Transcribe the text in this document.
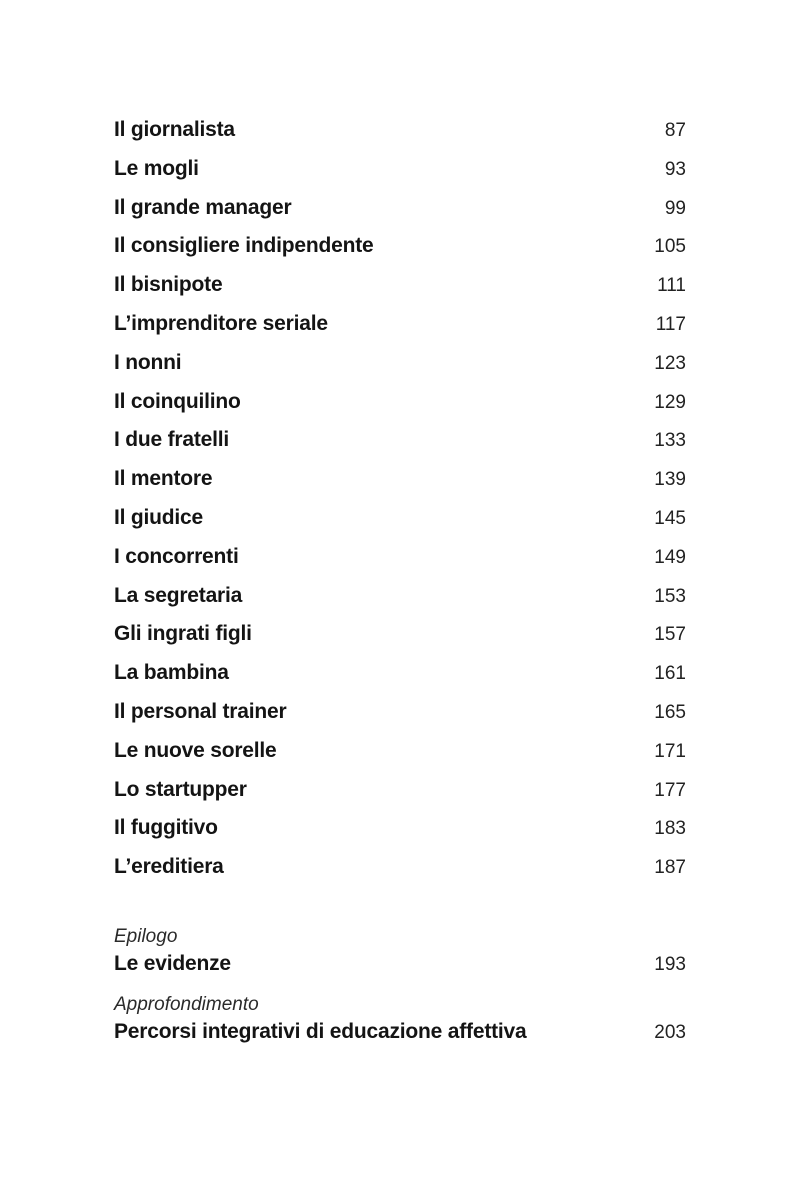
Il giornalista	87
Le mogli	93
Il grande manager	99
Il consigliere indipendente	105
Il bisnipote	111
L’imprenditore seriale	117
I nonni	123
Il coinquilino	129
I due fratelli	133
Il mentore	139
Il giudice	145
I concorrenti	149
La segretaria	153
Gli ingrati figli	157
La bambina	161
Il personal trainer	165
Le nuove sorelle	171
Lo startupper	177
Il fuggitivo	183
L’ereditiera	187
Epilogo
Le evidenze	193
Approfondimento
Percorsi integrativi di educazione affettiva	203
